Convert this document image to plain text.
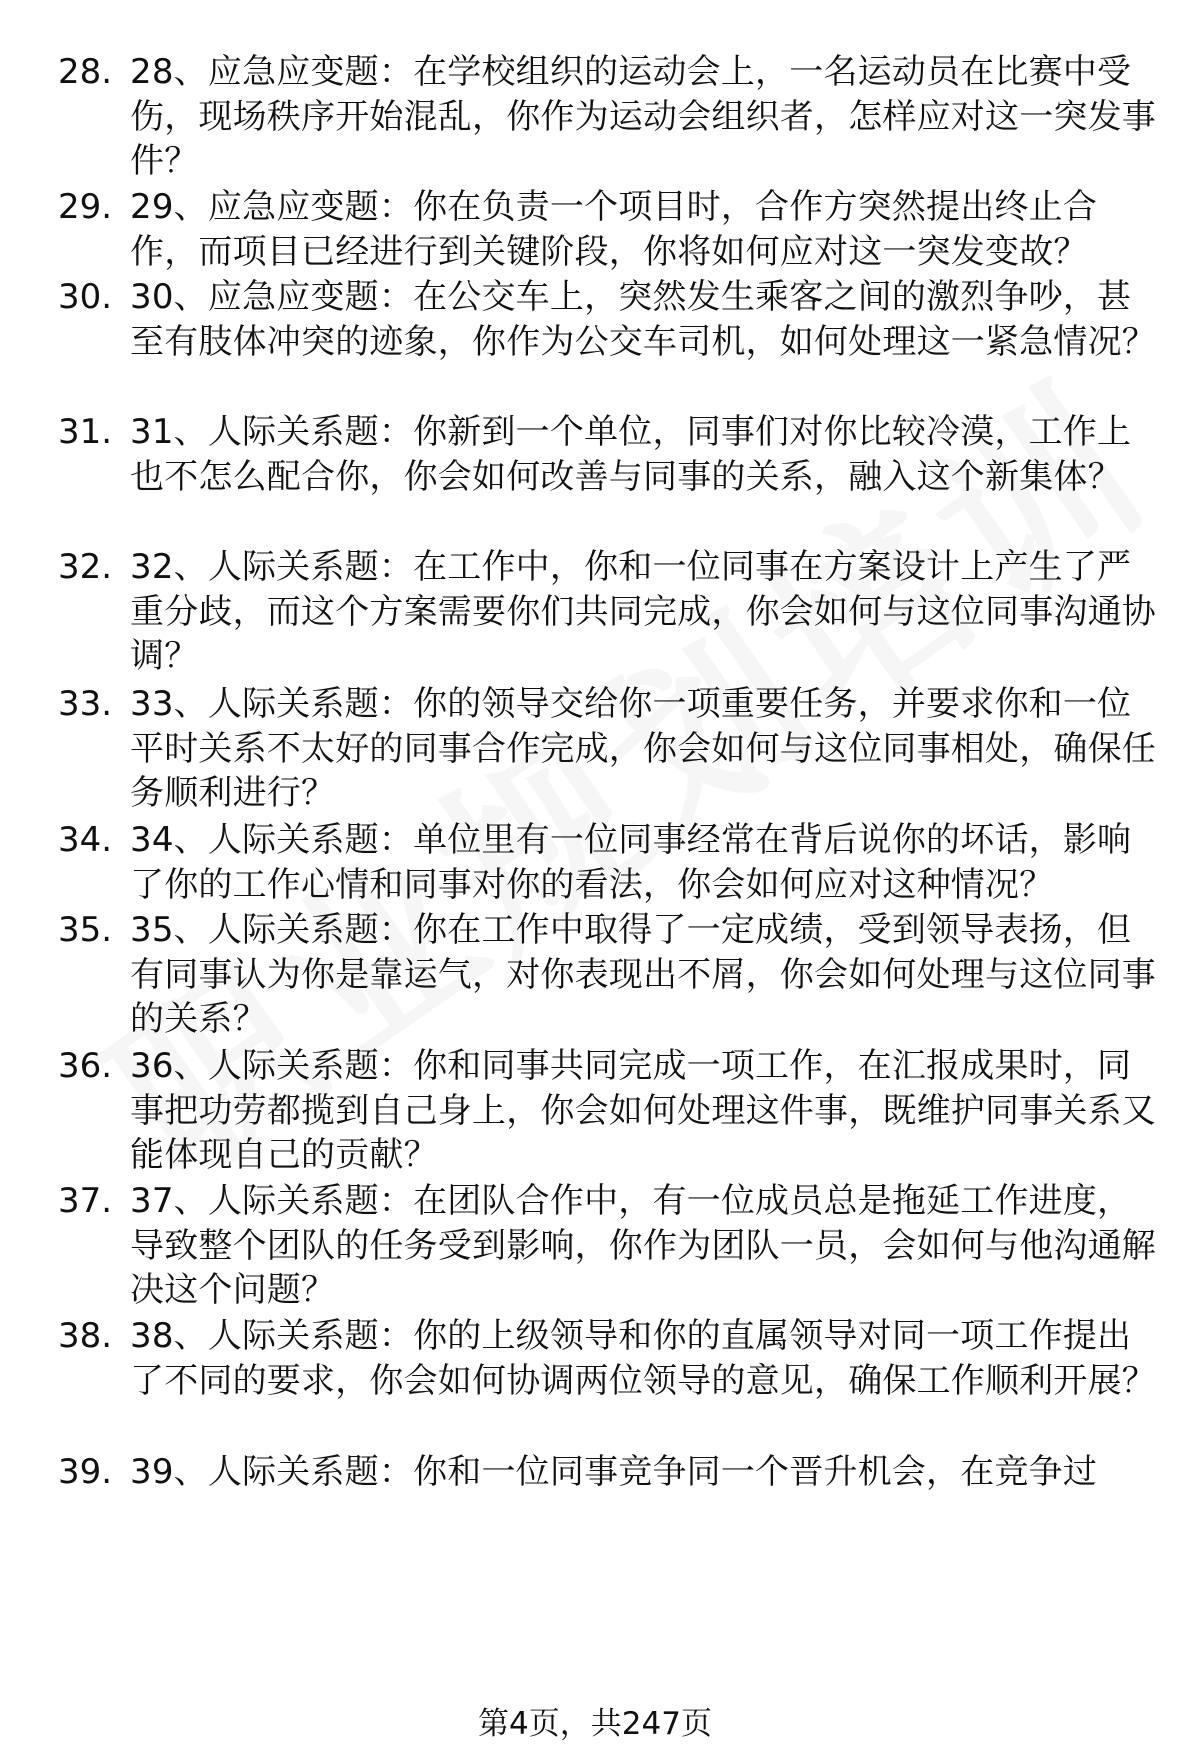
28. 28、应急应变题：在学校组织的运动会上，一名运动员在比赛中受伤，现场秩序开始混乱，你作为运动会组织者，怎样应对这一突发事件？
29. 29、应急应变题：你在负责一个项目时，合作方突然提出终止合作，而项目已经进行到关键阶段，你将如何应对这一突发变故？
30. 30、应急应变题：在公交车上，突然发生乘客之间的激烈争吵，甚至有肢体冲突的迹象，你作为公交车司机，如何处理这一紧急情况？
31. 31、人际关系题：你新到一个单位，同事们对你比较冷漠，工作上也不怎么配合你，你会如何改善与同事的关系，融入这个新集体？
32. 32、人际关系题：在工作中，你和一位同事在方案设计上产生了严重分歧，而这个方案需要你们共同完成，你会如何与这位同事沟通协调？
33. 33、人际关系题：你的领导交给你一项重要任务，并要求你和一位平时关系不太好的同事合作完成，你会如何与这位同事相处，确保任务顺利进行？
34. 34、人际关系题：单位里有一位同事经常在背后说你的坏话，影响了你的工作心情和同事对你的看法，你会如何应对这种情况？
35. 35、人际关系题：你在工作中取得了一定成绩，受到领导表扬，但有同事认为你是靠运气，对你表现出不屑，你会如何处理与这位同事的关系？
36. 36、人际关系题：你和同事共同完成一项工作，在汇报成果时，同事把功劳都揽到自己身上，你会如何处理这件事，既维护同事关系又能体现自己的贡献？
37. 37、人际关系题：在团队合作中，有一位成员总是拖延工作进度，导致整个团队的任务受到影响，你作为团队一员，会如何与他沟通解决这个问题？
38. 38、人际关系题：你的上级领导和你的直属领导对同一项工作提出了不同的要求，你会如何协调两位领导的意见，确保工作顺利开展？
39. 39、人际关系题：你和一位同事竞争同一个晋升机会，在竞争过
第4页，共247页
